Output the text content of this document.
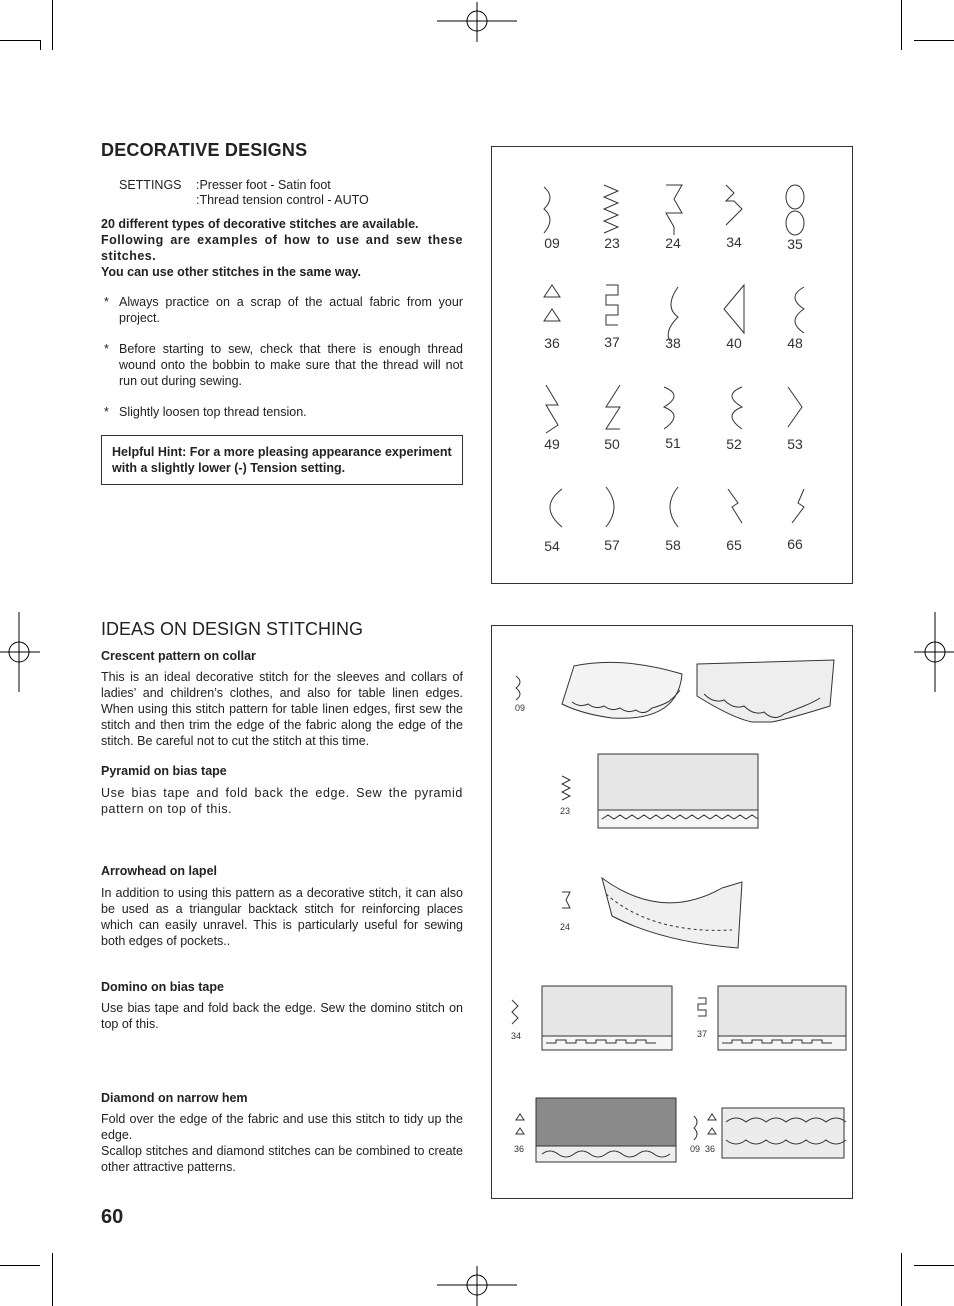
DECORATIVE DESIGNS
SETTINGS :Presser foot - Satin foot
:Thread tension control - AUTO
20 different types of decorative stitches are available.
Following are examples of how to use and sew these stitches.
You can use other stitches in the same way.
* Always practice on a scrap of the actual fabric from your project.
* Before starting to sew, check that there is enough thread wound onto the bobbin to make sure that the thread will not run out during sewing.
* Slightly loosen top thread tension.
Helpful Hint: For a more pleasing appearance experiment with a slightly lower (-) Tension setting.
09	23	24	34	35
36	37	38	40	48
49	50	51	52	53
54	57	58	65	66
IDEAS ON DESIGN STITCHING
Crescent pattern on collar
This is an ideal decorative stitch for the sleeves and collars of ladies’ and children’s clothes, and also for table linen edges. When using this stitch pattern for table linen edges, first sew the stitch and then trim the edge of the fabric along the edge of the stitch. Be careful not to cut the stitch at this time.
Pyramid on bias tape
Use bias tape and fold back the edge. Sew the pyramid pattern on top of this.
Arrowhead on lapel
In addition to using this pattern as a decorative stitch, it can also be used as a triangular backtack stitch for reinforcing places which can easily unravel. This is particularly useful for sewing both edges of pockets..
Domino on bias tape
Use bias tape and fold back the edge. Sew the domino stitch on top of this.
Diamond on narrow hem
Fold over the edge of the fabric and use this stitch to tidy up the edge.
Scallop stitches and diamond stitches can be combined to create other attractive patterns.
09
23
24
34	37
36	09 36
60
